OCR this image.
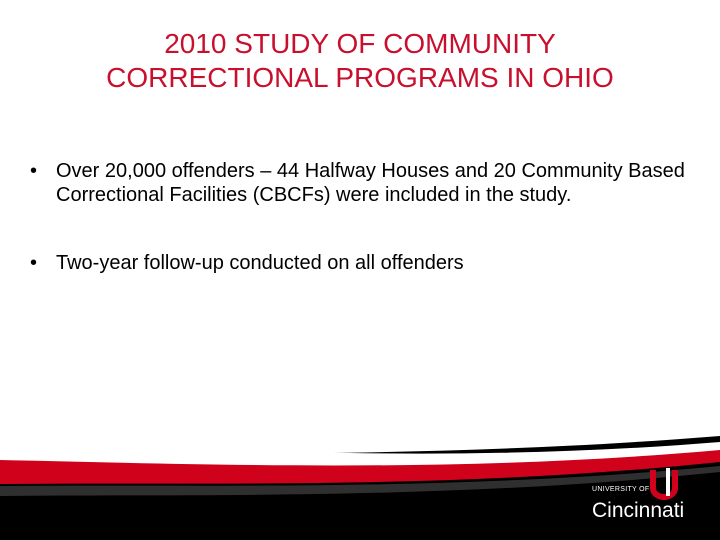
2010 STUDY OF COMMUNITY
CORRECTIONAL PROGRAMS IN OHIO
• Over 20,000 offenders – 44 Halfway Houses and 20 Community Based Correctional Facilities (CBCFs) were included in the study.
• Two-year follow-up conducted on all offenders
UNIVERSITY OF
Cincinnati
